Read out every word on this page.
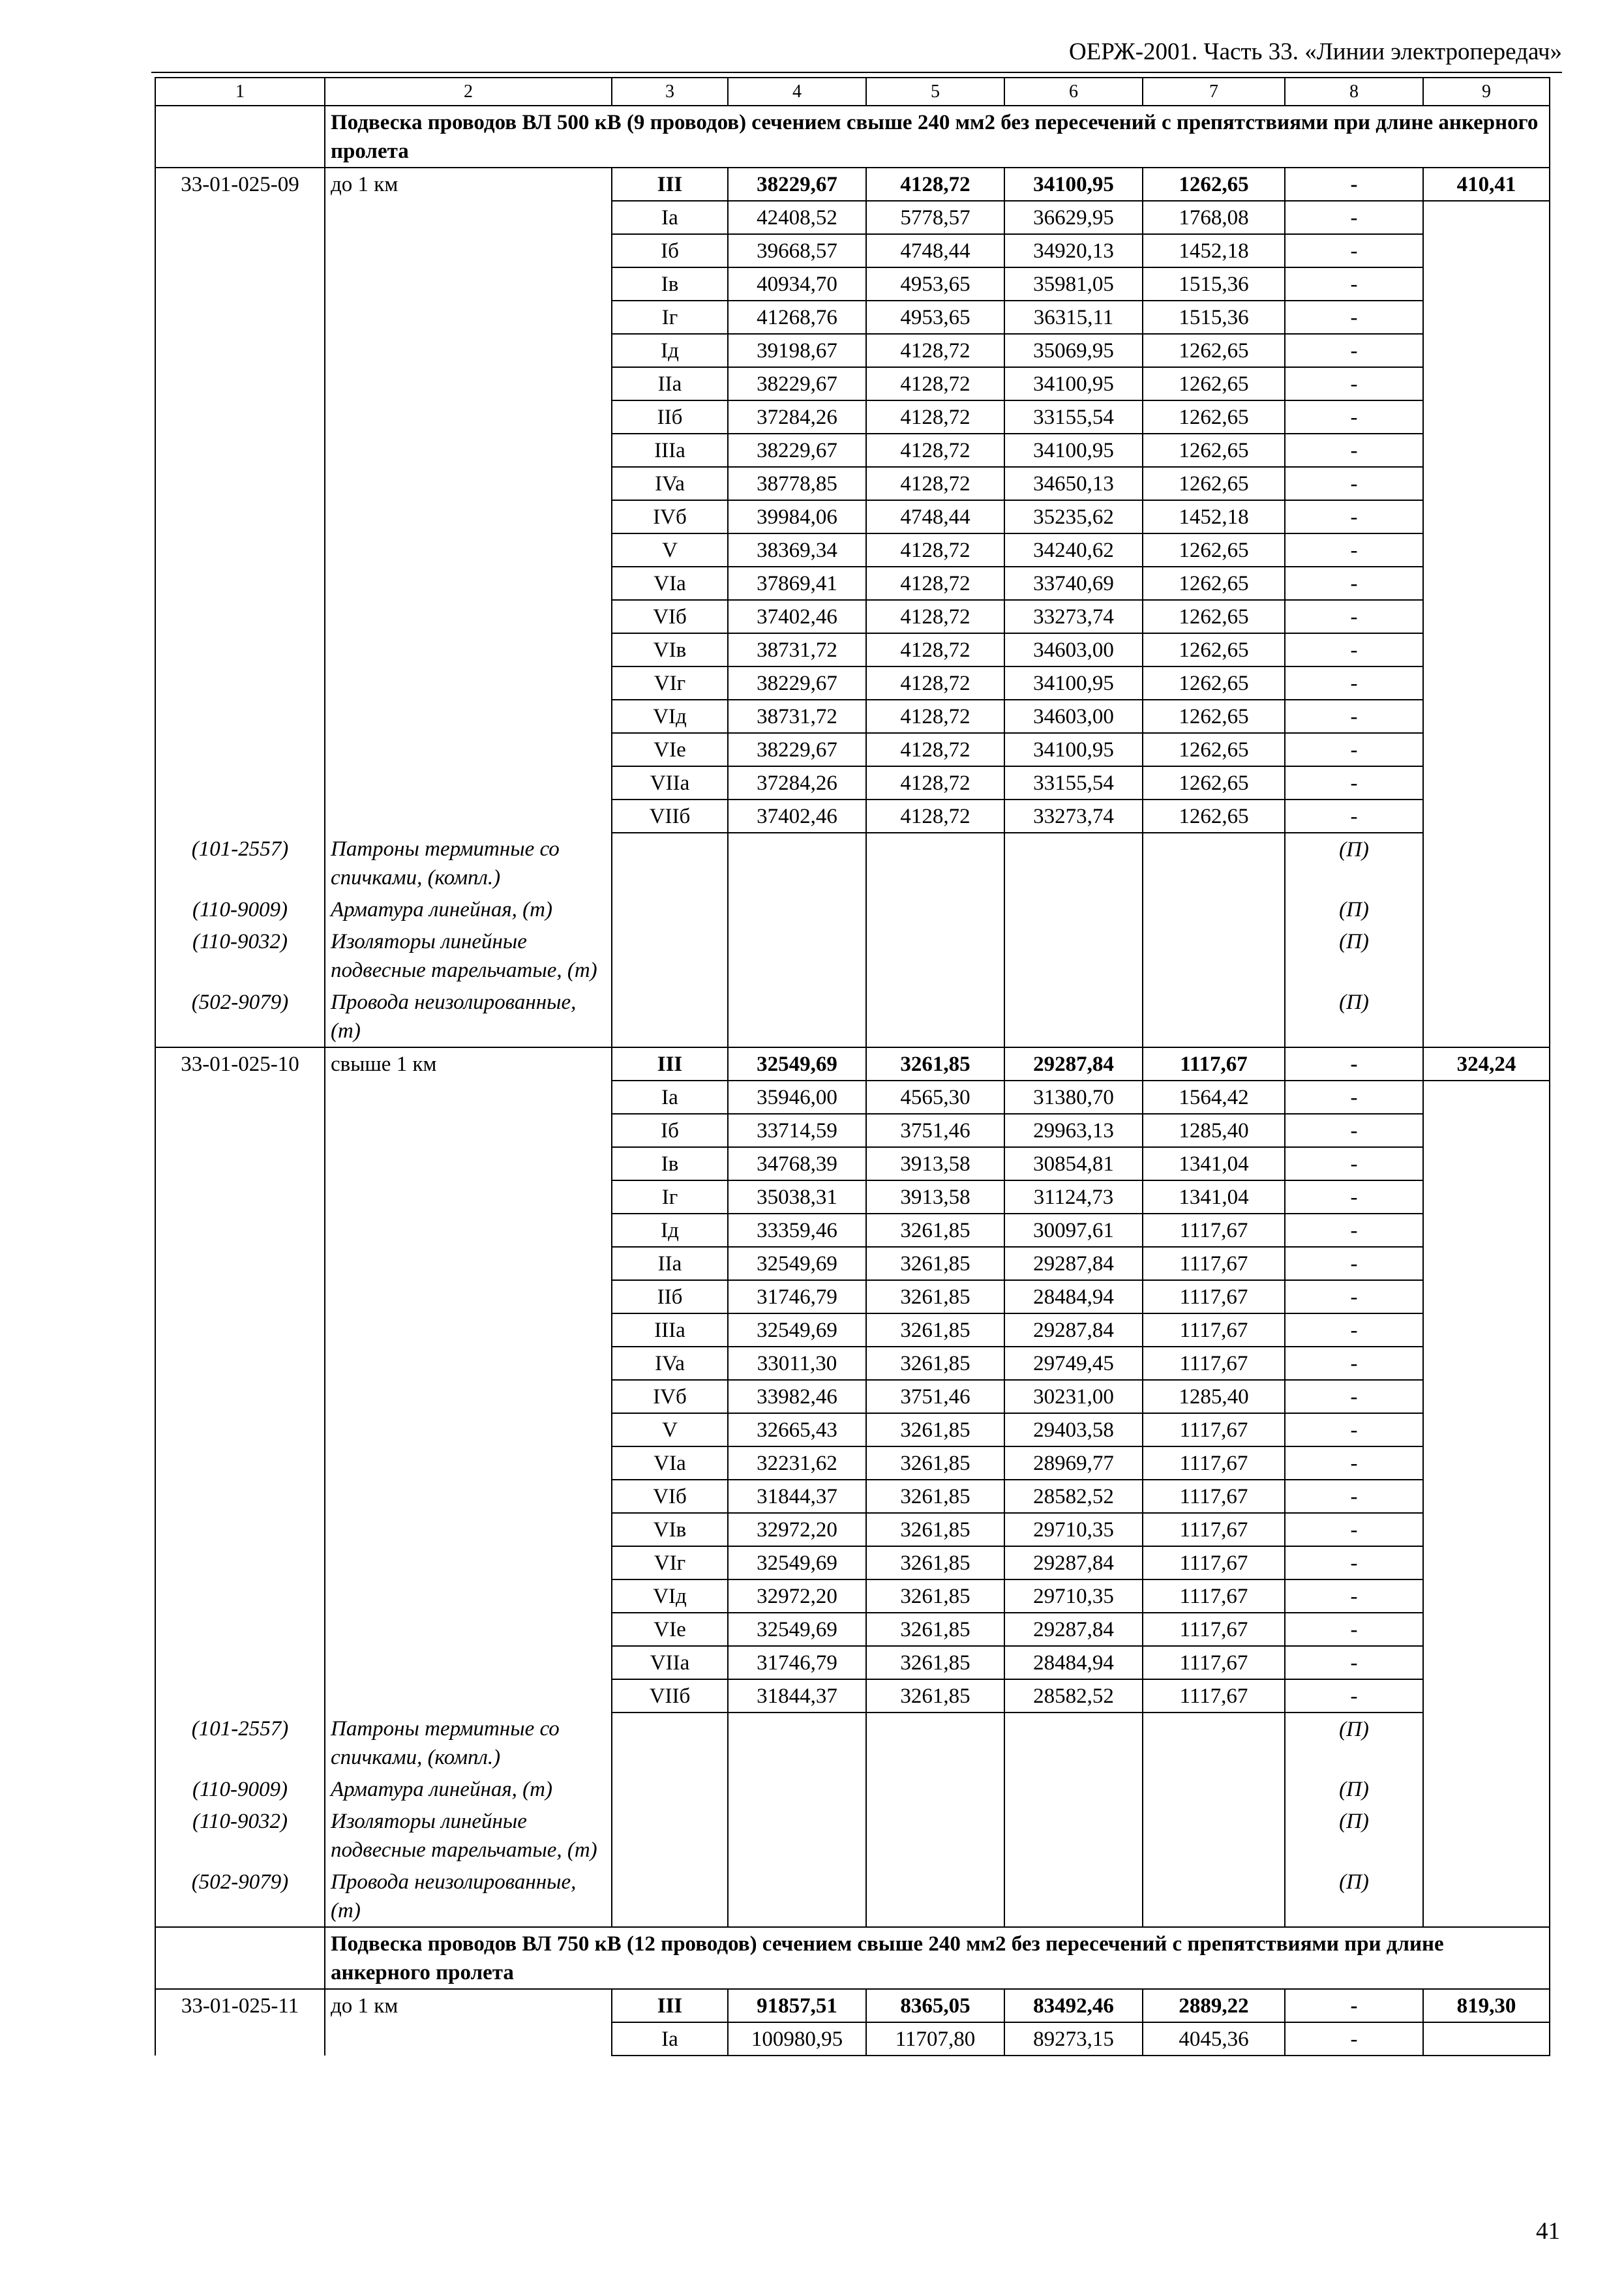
ОЕРЖ-2001. Часть 33. «Линии электропередач»
1	2	3	4	5	6	7	8	9
	Подвеска проводов ВЛ 500 кВ (9 проводов) сечением свыше 240 мм2 без пересечений с препятствиями при длине анкерного пролета							
33-01-025-09	до 1 км	III	38229,67	4128,72	34100,95	1262,65	-	410,41
		Ia	42408,52	5778,57	36629,95	1768,08	-	
		Iб	39668,57	4748,44	34920,13	1452,18	-	
		Iв	40934,70	4953,65	35981,05	1515,36	-	
		Iг	41268,76	4953,65	36315,11	1515,36	-	
		Iд	39198,67	4128,72	35069,95	1262,65	-	
		IIa	38229,67	4128,72	34100,95	1262,65	-	
		IIб	37284,26	4128,72	33155,54	1262,65	-	
		IIIa	38229,67	4128,72	34100,95	1262,65	-	
		IVa	38778,85	4128,72	34650,13	1262,65	-	
		IVб	39984,06	4748,44	35235,62	1452,18	-	
		V	38369,34	4128,72	34240,62	1262,65	-	
		VIa	37869,41	4128,72	33740,69	1262,65	-	
		VIб	37402,46	4128,72	33273,74	1262,65	-	
		VIв	38731,72	4128,72	34603,00	1262,65	-	
		VIг	38229,67	4128,72	34100,95	1262,65	-	
		VIд	38731,72	4128,72	34603,00	1262,65	-	
		VIe	38229,67	4128,72	34100,95	1262,65	-	
		VIIa	37284,26	4128,72	33155,54	1262,65	-	
		VIIб	37402,46	4128,72	33273,74	1262,65	-	
(101-2557)	Патроны термитные со спичками, (компл.)						(П)	
(110-9009)	Арматура линейная, (т)						(П)	
(110-9032)	Изоляторы линейные подвесные тарельчатые, (т)						(П)	
(502-9079)	Провода неизолированные, (т)						(П)	
33-01-025-10	свыше 1 км	III	32549,69	3261,85	29287,84	1117,67	-	324,24
		Ia	35946,00	4565,30	31380,70	1564,42	-	
		Iб	33714,59	3751,46	29963,13	1285,40	-	
		Iв	34768,39	3913,58	30854,81	1341,04	-	
		Iг	35038,31	3913,58	31124,73	1341,04	-	
		Iд	33359,46	3261,85	30097,61	1117,67	-	
		IIa	32549,69	3261,85	29287,84	1117,67	-	
		IIб	31746,79	3261,85	28484,94	1117,67	-	
		IIIa	32549,69	3261,85	29287,84	1117,67	-	
		IVa	33011,30	3261,85	29749,45	1117,67	-	
		IVб	33982,46	3751,46	30231,00	1285,40	-	
		V	32665,43	3261,85	29403,58	1117,67	-	
		VIa	32231,62	3261,85	28969,77	1117,67	-	
		VIб	31844,37	3261,85	28582,52	1117,67	-	
		VIв	32972,20	3261,85	29710,35	1117,67	-	
		VIг	32549,69	3261,85	29287,84	1117,67	-	
		VIд	32972,20	3261,85	29710,35	1117,67	-	
		VIe	32549,69	3261,85	29287,84	1117,67	-	
		VIIa	31746,79	3261,85	28484,94	1117,67	-	
		VIIб	31844,37	3261,85	28582,52	1117,67	-	
(101-2557)	Патроны термитные со спичками, (компл.)						(П)	
(110-9009)	Арматура линейная, (т)						(П)	
(110-9032)	Изоляторы линейные подвесные тарельчатые, (т)						(П)	
(502-9079)	Провода неизолированные, (т)						(П)	
	Подвеска проводов ВЛ 750 кВ (12 проводов) сечением свыше 240 мм2 без пересечений с препятствиями при длине анкерного пролета							
33-01-025-11	до 1 км	III	91857,51	8365,05	83492,46	2889,22	-	819,30
		Ia	100980,95	11707,80	89273,15	4045,36	-	
41
